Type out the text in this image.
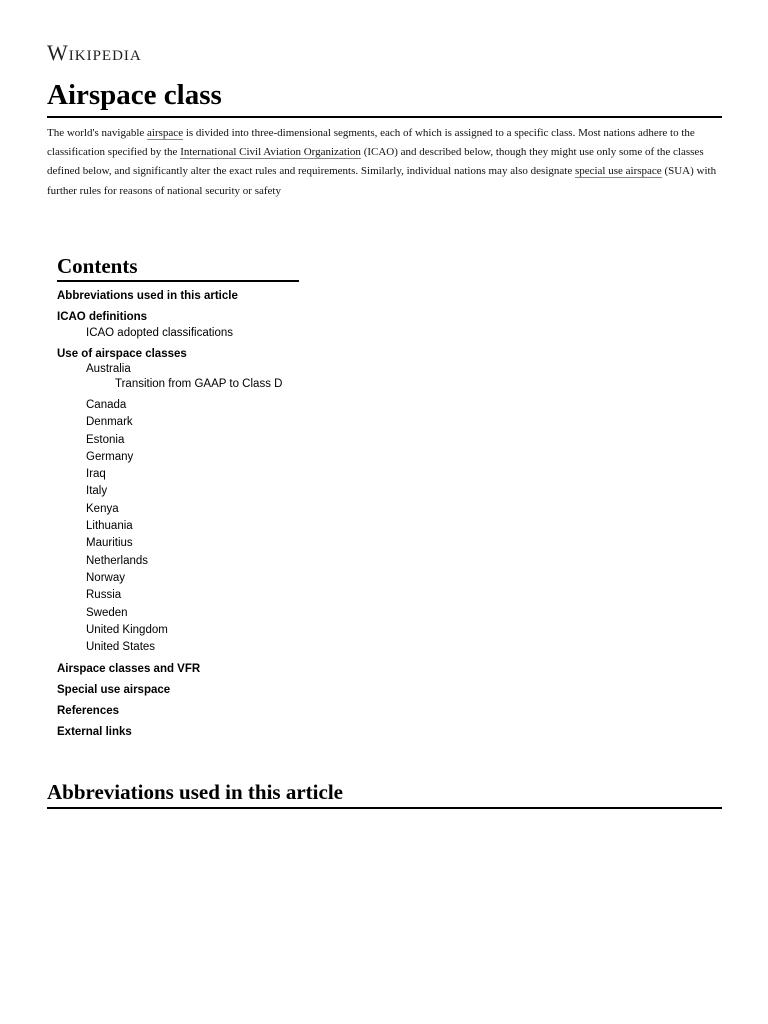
Wikipedia
Airspace class

The world's navigable airspace is divided into three-dimensional segments, each of which is assigned to a specific class. Most nations adhere to the classification specified by the International Civil Aviation Organization (ICAO) and described below, though they might use only some of the classes defined below, and significantly alter the exact rules and requirements. Similarly, individual nations may also designate special use airspace (SUA) with further rules for reasons of national security or safety

Contents
Abbreviations used in this article
ICAO definitions
ICAO adopted classifications
Use of airspace classes
Australia
Transition from GAAP to Class D
Canada
Denmark
Estonia
Germany
Iraq
Italy
Kenya
Lithuania
Mauritius
Netherlands
Norway
Russia
Sweden
United Kingdom
United States
Airspace classes and VFR
Special use airspace
References
External links
Abbreviations used in this article
